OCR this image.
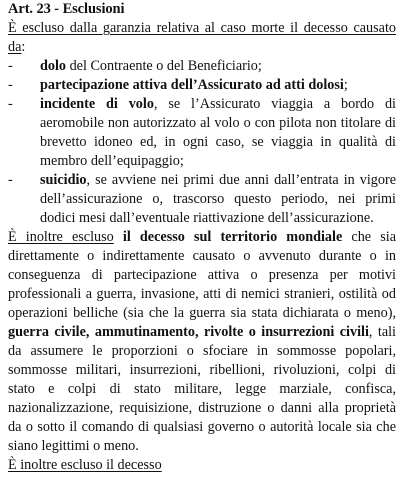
Art. 23 - Esclusioni

È escluso dalla garanzia relativa al caso morte il decesso causato da:

- dolo del Contraente o del Beneficiario;
- partecipazione attiva dell’Assicurato ad atti dolosi;
- incidente di volo, se l’Assicurato viaggia a bordo di aeromobile non autorizzato al volo o con pilota non titolare di brevetto idoneo ed, in ogni caso, se viaggia in qualità di membro dell’equipaggio;
- suicidio, se avviene nei primi due anni dall’entrata in vigore dell’assicurazione o, trascorso questo periodo, nei primi dodici mesi dall’eventuale riattivazione dell’assicurazione.

È inoltre escluso il decesso sul territorio mondiale che sia direttamente o indirettamente causato o avvenuto durante o in conseguenza di partecipazione attiva o presenza per motivi professionali a guerra, invasione, atti di nemici stranieri, ostilità od operazioni belliche (sia che la guerra sia stata dichiarata o meno), guerra civile, ammutinamento, rivolte o insurrezioni civili, tali da assumere le proporzioni o sfociare in sommosse popolari, sommosse militari, insurrezioni, ribellioni, rivoluzioni, colpi di stato e colpi di stato militare, legge marziale, confisca, nazionalizzazione, requisizione, distruzione o danni alla proprietà da o sotto il comando di qualsiasi governo o autorità locale sia che siano legittimi o meno.

È inoltre escluso il decesso
